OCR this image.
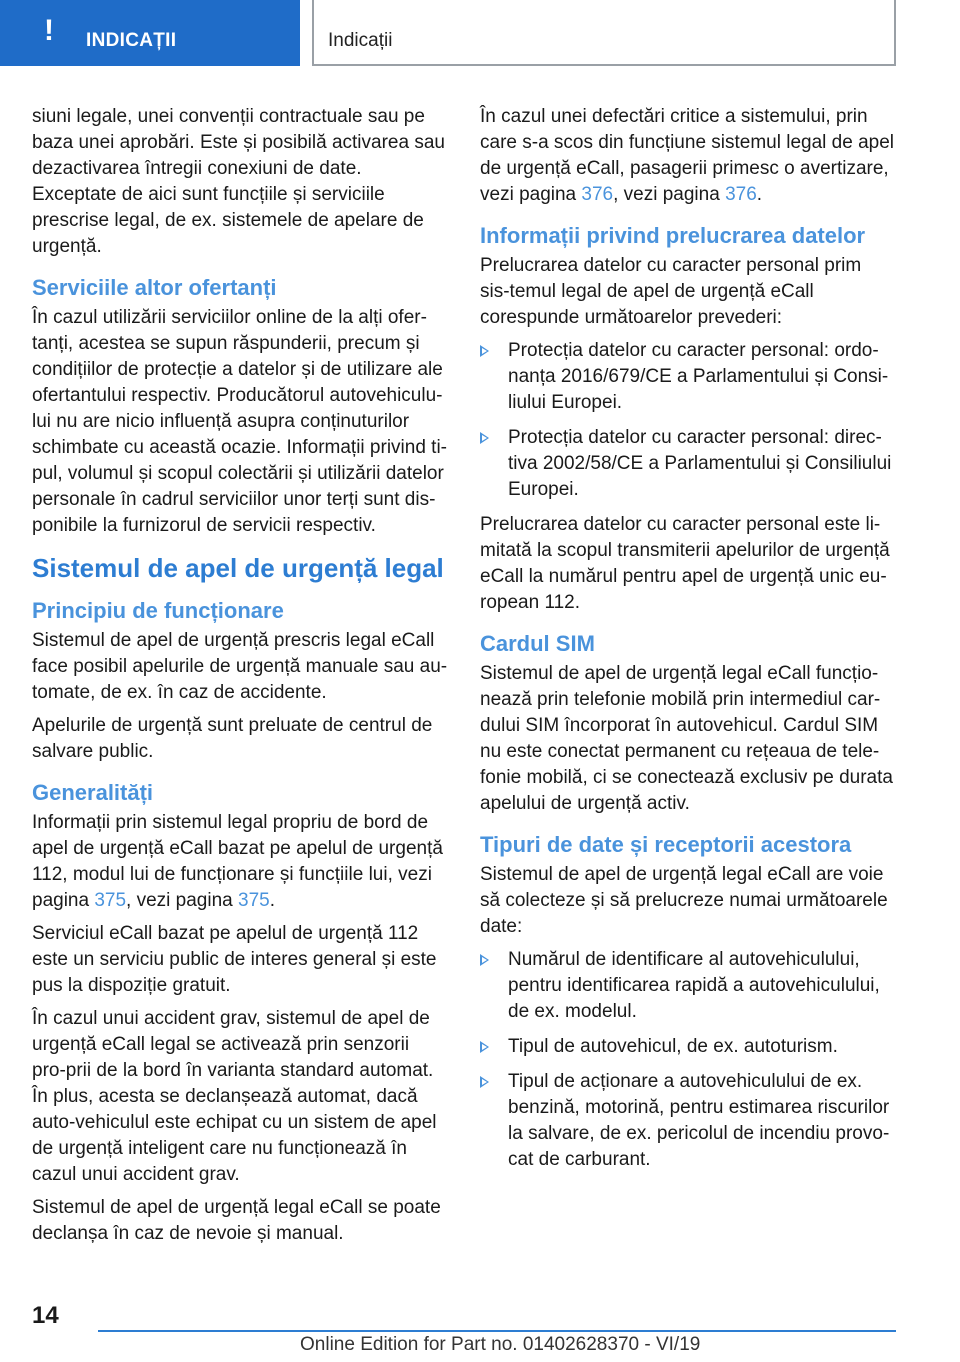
! INDICAȚII	Indicații

siuni legale, unei convenții contractuale sau pe baza unei aprobări. Este și posibilă activarea sau dezactivarea întregii conexiuni de date. Exceptate de aici sunt funcțiile și serviciile prescrise legal, de ex. sistemele de apelare de urgență.

Serviciile altor ofertanți

În cazul utilizării serviciilor online de la alți ofer-tanți, acestea se supun răspunderii, precum și condițiilor de protecție a datelor și de utilizare ale ofertantului respectiv. Producătorul autovehiculu-lui nu are nicio influență asupra conținuturilor schimbate cu această ocazie. Informații privind ti-pul, volumul și scopul colectării și utilizării datelor personale în cadrul serviciilor unor terți sunt dis-ponibile la furnizorul de servicii respectiv.

Sistemul de apel de urgență legal
Principiu de funcționare

Sistemul de apel de urgență prescris legal eCall face posibil apelurile de urgență manuale sau au-tomate, de ex. în caz de accidente.

Apelurile de urgență sunt preluate de centrul de salvare public.

Generalități

Informații prin sistemul legal propriu de bord de apel de urgență eCall bazat pe apelul de urgență 112, modul lui de funcționare și funcțiile lui, vezi pagina 375, vezi pagina 375.

Serviciul eCall bazat pe apelul de urgență 112 este un serviciu public de interes general și este pus la dispoziție gratuit.

În cazul unui accident grav, sistemul de apel de urgență eCall legal se activează prin senzorii pro-prii de la bord în varianta standard automat. În plus, acesta se declanșează automat, dacă auto-vehiculul este echipat cu un sistem de apel de urgență inteligent care nu funcționează în cazul unui accident grav.

Sistemul de apel de urgență legal eCall se poate declanșa în caz de nevoie și manual.

În cazul unei defectări critice a sistemului, prin care s-a scos din funcțiune sistemul legal de apel de urgență eCall, pasagerii primesc o avertizare, vezi pagina 376, vezi pagina 376.

Informații privind prelucrarea datelor

Prelucrarea datelor cu caracter personal prim sis-temul legal de apel de urgență eCall corespunde următoarelor prevederi:

Protecția datelor cu caracter personal: ordo-nanța 2016/679/CE a Parlamentului și Consi-liului Europei.
Protecția datelor cu caracter personal: direc-tiva 2002/58/CE a Parlamentului și Consiliului Europei.

Prelucrarea datelor cu caracter personal este li-mitată la scopul transmiterii apelurilor de urgență eCall la numărul pentru apel de urgență unic eu-ropean 112.

Cardul SIM

Sistemul de apel de urgență legal eCall funcțio-nează prin telefonie mobilă prin intermediul car-dului SIM încorporat în autovehicul. Cardul SIM nu este conectat permanent cu rețeaua de tele-fonie mobilă, ci se conectează exclusiv pe durata apelului de urgență activ.

Tipuri de date și receptorii acestora

Sistemul de apel de urgență legal eCall are voie să colecteze și să prelucreze numai următoarele date:

Numărul de identificare al autovehiculului, pentru identificarea rapidă a autovehiculului, de ex. modelul.
Tipul de autovehicul, de ex. autoturism.
Tipul de acționare a autovehiculului de ex. benzină, motorină, pentru estimarea riscurilor la salvare, de ex. pericolul de incendiu provo-cat de carburant.
14
Online Edition for Part no. 01402628370 - VI/19
